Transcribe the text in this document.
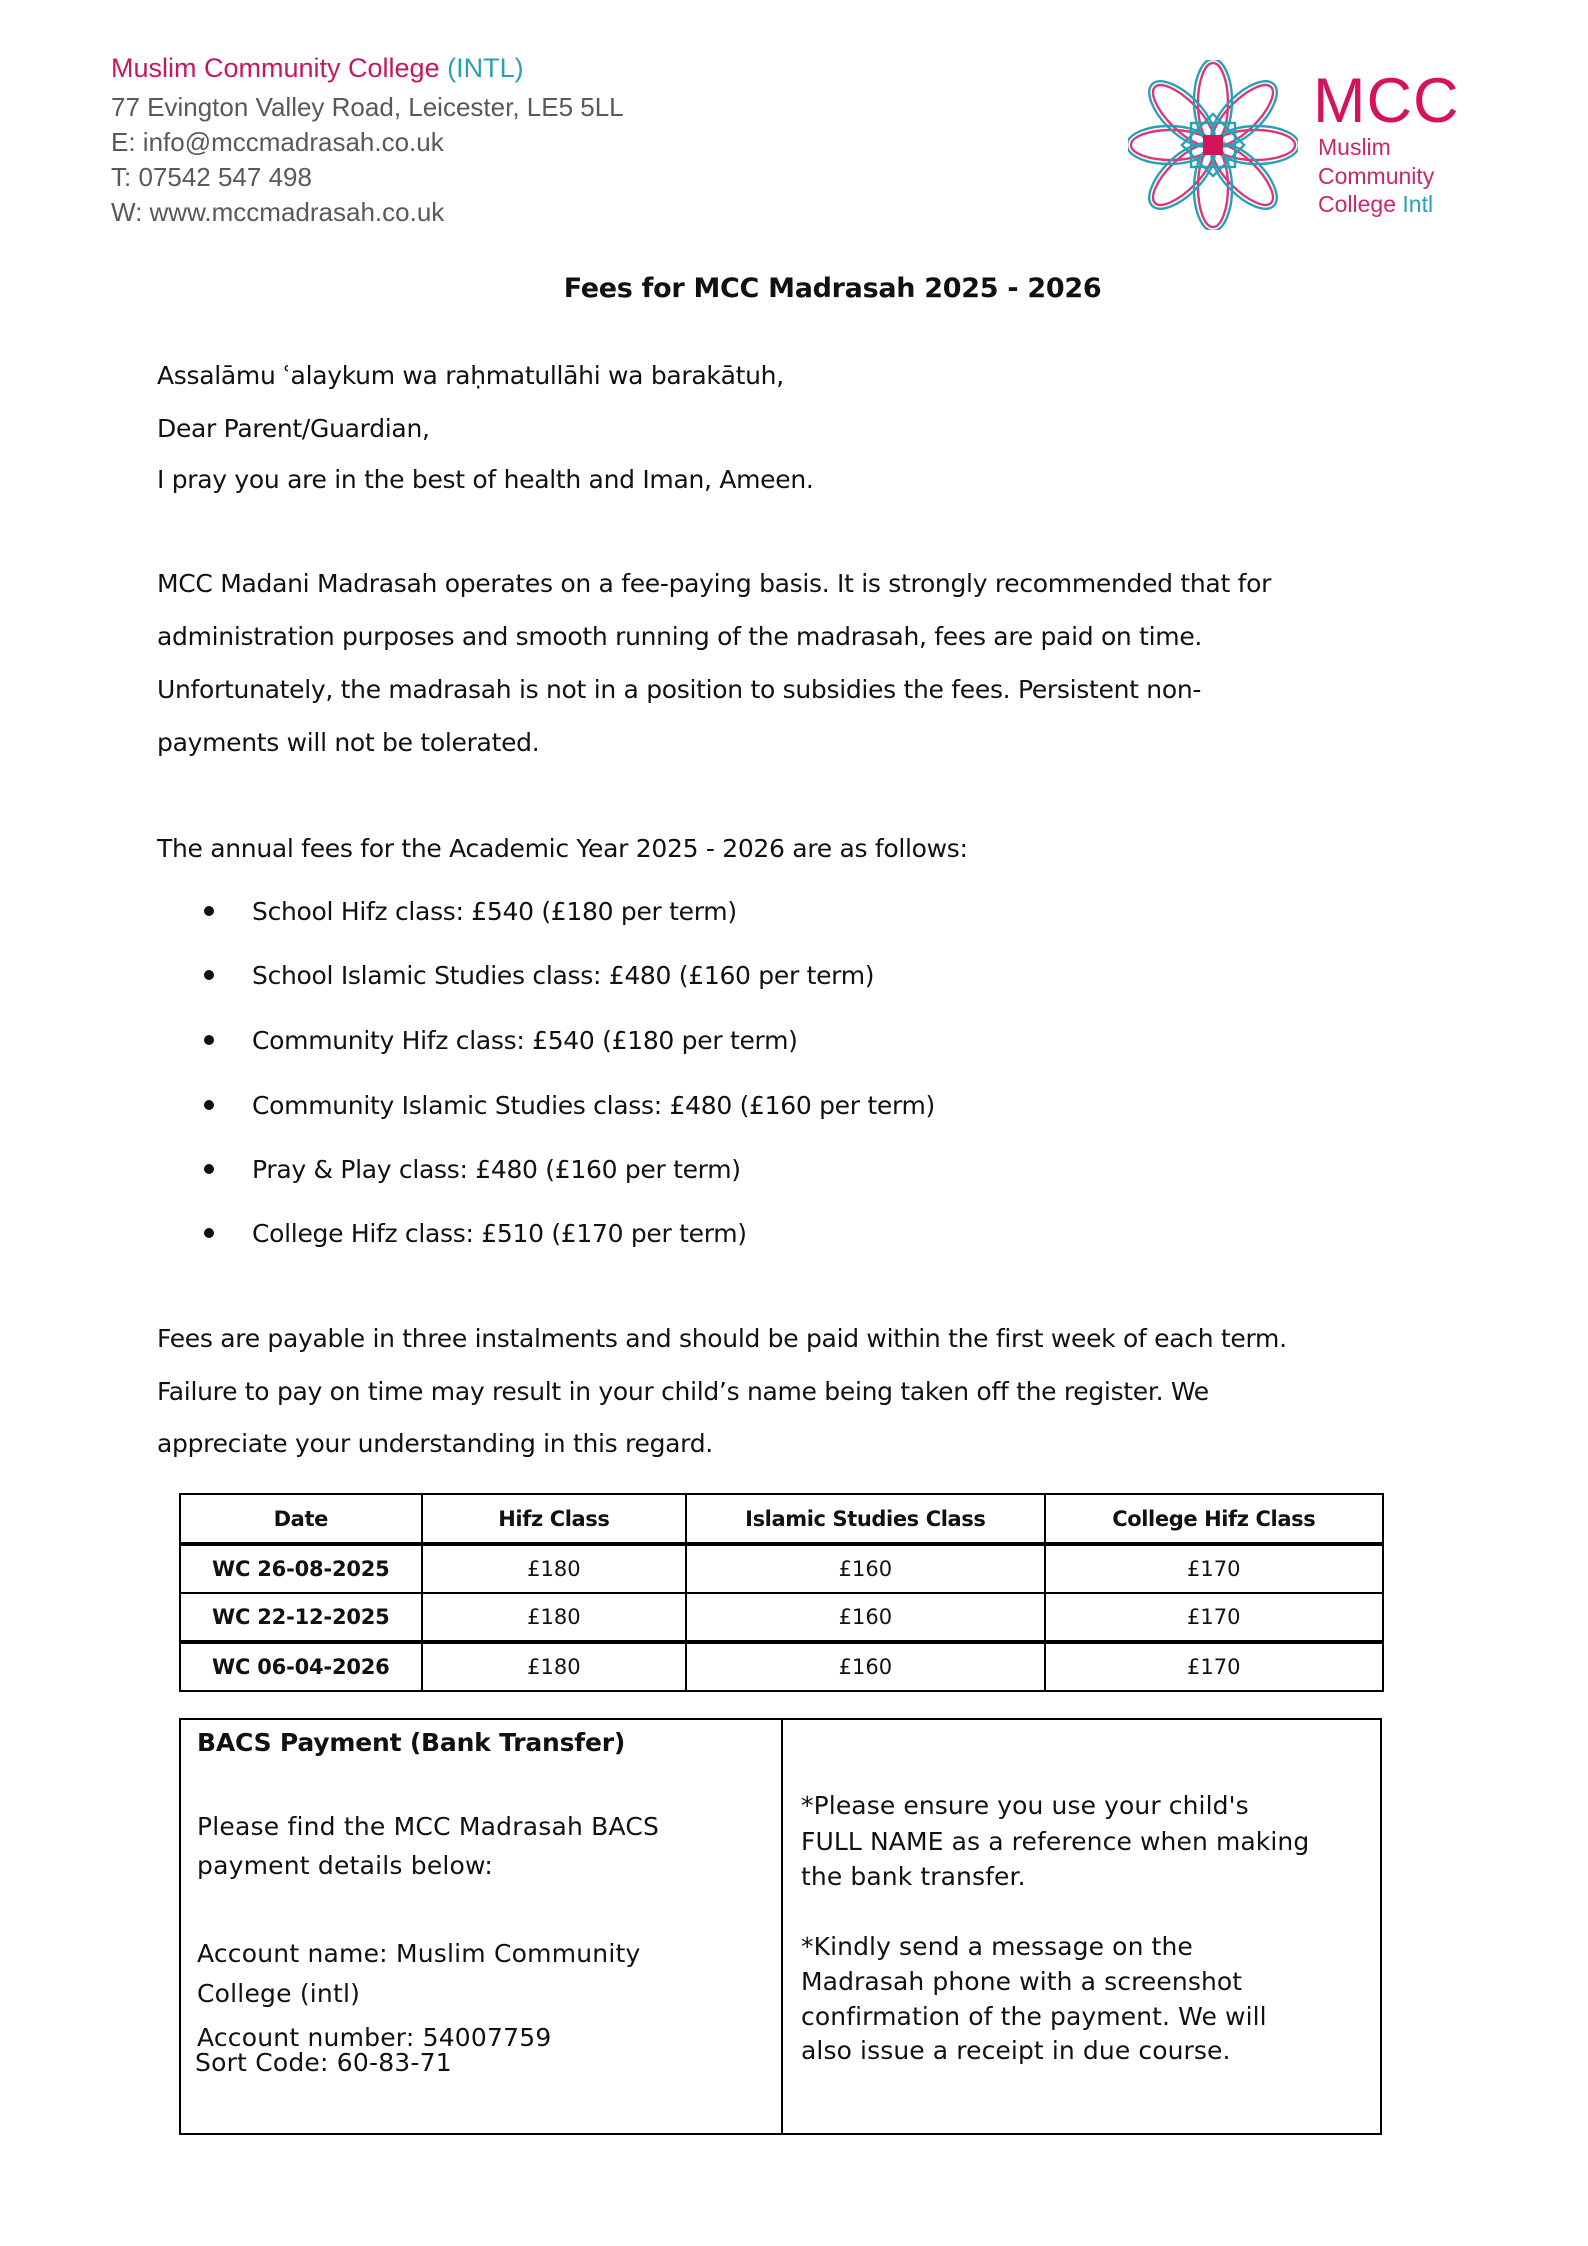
Muslim Community College (INTL)
77 Evington Valley Road, Leicester, LE5 5LL
E: info@mccmadrasah.co.uk
T: 07542 547 498
W: www.mccmadrasah.co.uk
MCC
Muslim
Community
College Intl
Fees for MCC Madrasah 2025 - 2026
Assalāmu ʿalaykum wa raḥmatullāhi wa barakātuh,
Dear Parent/Guardian,
I pray you are in the best of health and Iman, Ameen.
MCC Madani Madrasah operates on a fee-paying basis. It is strongly recommended that for
administration purposes and smooth running of the madrasah, fees are paid on time.
Unfortunately, the madrasah is not in a position to subsidies the fees. Persistent non-
payments will not be tolerated.
The annual fees for the Academic Year 2025 - 2026 are as follows:
School Hifz class: £540 (£180 per term)
School Islamic Studies class: £480 (£160 per term)
Community Hifz class: £540 (£180 per term)
Community Islamic Studies class: £480 (£160 per term)
Pray & Play class: £480 (£160 per term)
College Hifz class: £510 (£170 per term)
Fees are payable in three instalments and should be paid within the first week of each term.
Failure to pay on time may result in your child’s name being taken off the register. We
appreciate your understanding in this regard.
Date	Hifz Class	Islamic Studies Class	College Hifz Class
WC 26-08-2025	£180	£160	£170
WC 22-12-2025	£180	£160	£170
WC 06-04-2026	£180	£160	£170
BACS Payment (Bank Transfer)
Please find the MCC Madrasah BACS
payment details below:
Account name: Muslim Community
College (intl)
Account number: 54007759
Sort Code: 60-83-71
*Please ensure you use your child's
FULL NAME as a reference when making
the bank transfer.
*Kindly send a message on the
Madrasah phone with a screenshot
confirmation of the payment. We will
also issue a receipt in due course.
